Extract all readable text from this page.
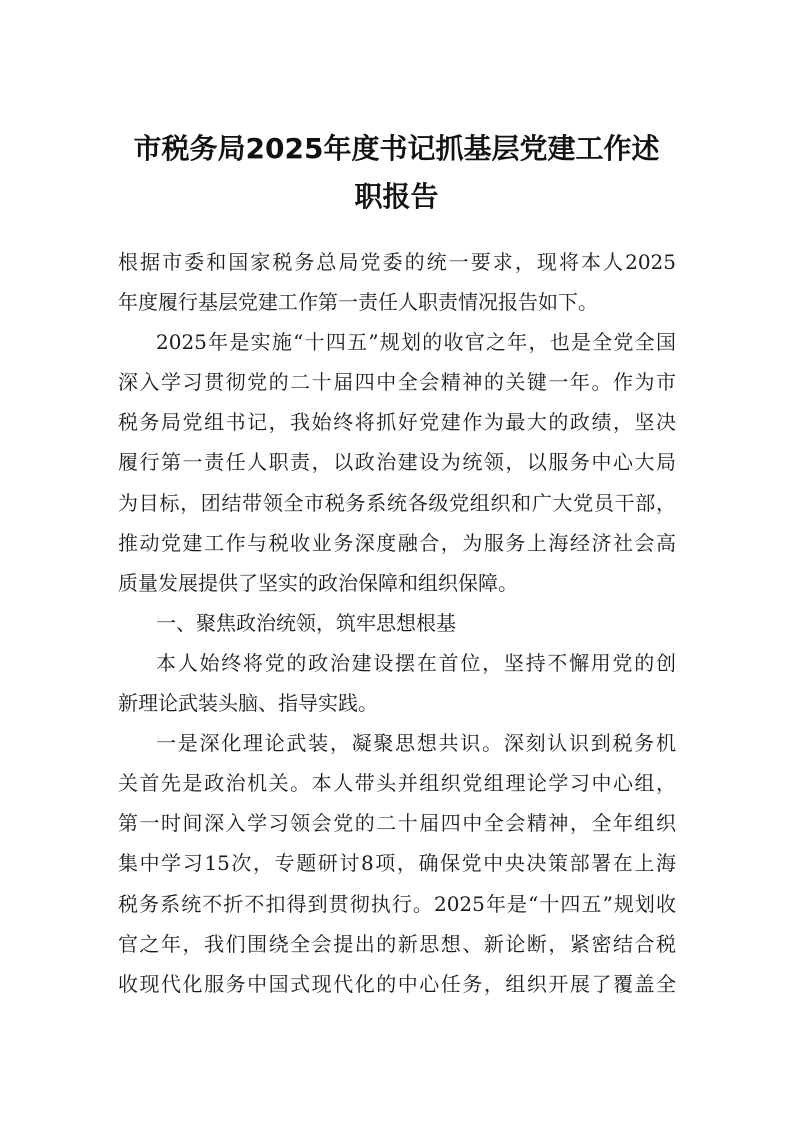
市税务局2025年度书记抓基层党建工作述
职报告
根据市委和国家税务总局党委的统一要求，现将本人2025
年度履行基层党建工作第一责任人职责情况报告如下。
2025年是实施“十四五”规划的收官之年，也是全党全国
深入学习贯彻党的二十届四中全会精神的关键一年。作为市
税务局党组书记，我始终将抓好党建作为最大的政绩，坚决
履行第一责任人职责，以政治建设为统领，以服务中心大局
为目标，团结带领全市税务系统各级党组织和广大党员干部，
推动党建工作与税收业务深度融合，为服务上海经济社会高
质量发展提供了坚实的政治保障和组织保障。
一、聚焦政治统领，筑牢思想根基
本人始终将党的政治建设摆在首位，坚持不懈用党的创
新理论武装头脑、指导实践。
一是深化理论武装，凝聚思想共识。深刻认识到税务机
关首先是政治机关。本人带头并组织党组理论学习中心组，
第一时间深入学习领会党的二十届四中全会精神，全年组织
集中学习15次，专题研讨8项，确保党中央决策部署在上海
税务系统不折不扣得到贯彻执行。2025年是“十四五”规划收
官之年，我们围绕全会提出的新思想、新论断，紧密结合税
收现代化服务中国式现代化的中心任务，组织开展了覆盖全
